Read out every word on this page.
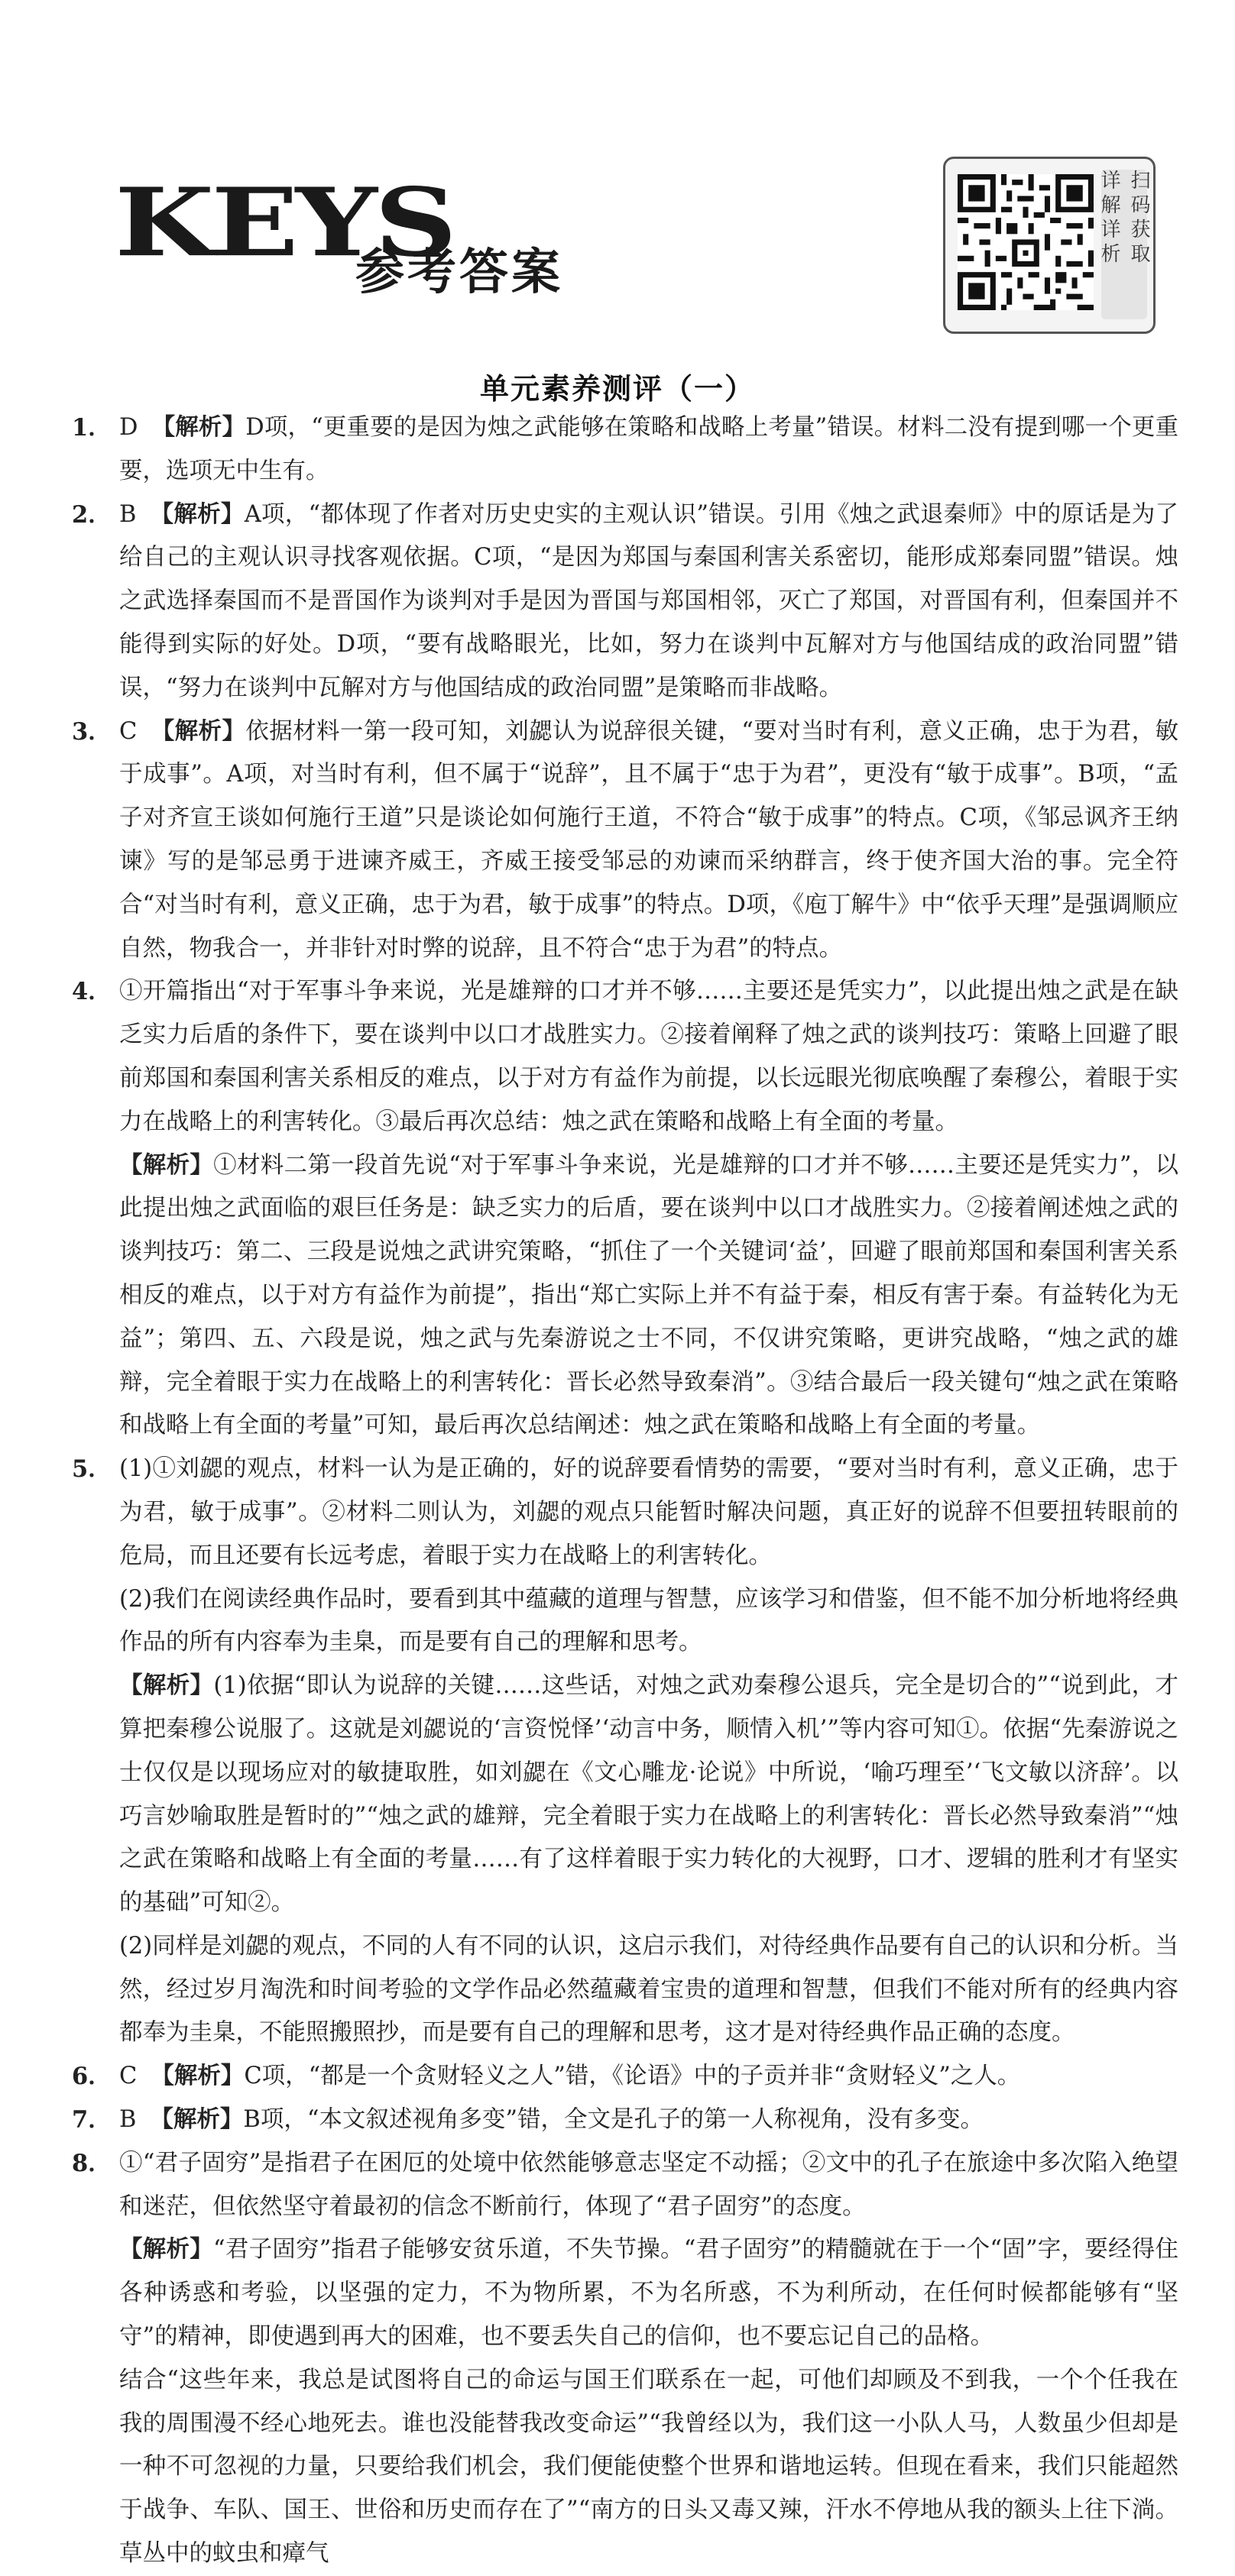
KEYS
参考答案
详解详析 扫码获取
单元素养测评（一）
1． D 【解析】D项，“更重要的是因为烛之武能够在策略和战略上考量”错误。材料二没有提到哪一个更重要，选项无中生有。
2． B 【解析】A项，“都体现了作者对历史史实的主观认识”错误。引用《烛之武退秦师》中的原话是为了给自己的主观认识寻找客观依据。C项，“是因为郑国与秦国利害关系密切，能形成郑秦同盟”错误。烛之武选择秦国而不是晋国作为谈判对手是因为晋国与郑国相邻，灭亡了郑国，对晋国有利，但秦国并不能得到实际的好处。D项，“要有战略眼光，比如，努力在谈判中瓦解对方与他国结成的政治同盟”错误，“努力在谈判中瓦解对方与他国结成的政治同盟”是策略而非战略。
3． C 【解析】依据材料一第一段可知，刘勰认为说辞很关键，“要对当时有利，意义正确，忠于为君，敏于成事”。A项，对当时有利，但不属于“说辞”，且不属于“忠于为君”，更没有“敏于成事”。B项，“孟子对齐宣王谈如何施行王道”只是谈论如何施行王道，不符合“敏于成事”的特点。C项，《邹忌讽齐王纳谏》写的是邹忌勇于进谏齐威王，齐威王接受邹忌的劝谏而采纳群言，终于使齐国大治的事。完全符合“对当时有利，意义正确，忠于为君，敏于成事”的特点。D项，《庖丁解牛》中“依乎天理”是强调顺应自然，物我合一，并非针对时弊的说辞，且不符合“忠于为君”的特点。
4． ①开篇指出“对于军事斗争来说，光是雄辩的口才并不够……主要还是凭实力”，以此提出烛之武是在缺乏实力后盾的条件下，要在谈判中以口才战胜实力。②接着阐释了烛之武的谈判技巧：策略上回避了眼前郑国和秦国利害关系相反的难点，以于对方有益作为前提，以长远眼光彻底唤醒了秦穆公，着眼于实力在战略上的利害转化。③最后再次总结：烛之武在策略和战略上有全面的考量。
【解析】①材料二第一段首先说“对于军事斗争来说，光是雄辩的口才并不够……主要还是凭实力”，以此提出烛之武面临的艰巨任务是：缺乏实力的后盾，要在谈判中以口才战胜实力。②接着阐述烛之武的谈判技巧：第二、三段是说烛之武讲究策略，“抓住了一个关键词‘益’，回避了眼前郑国和秦国利害关系相反的难点，以于对方有益作为前提”，指出“郑亡实际上并不有益于秦，相反有害于秦。有益转化为无益”；第四、五、六段是说，烛之武与先秦游说之士不同，不仅讲究策略，更讲究战略，“烛之武的雄辩，完全着眼于实力在战略上的利害转化：晋长必然导致秦消”。③结合最后一段关键句“烛之武在策略和战略上有全面的考量”可知，最后再次总结阐述：烛之武在策略和战略上有全面的考量。
5． (1)①刘勰的观点，材料一认为是正确的，好的说辞要看情势的需要，“要对当时有利，意义正确，忠于为君，敏于成事”。②材料二则认为，刘勰的观点只能暂时解决问题，真正好的说辞不但要扭转眼前的危局，而且还要有长远考虑，着眼于实力在战略上的利害转化。
(2)我们在阅读经典作品时，要看到其中蕴藏的道理与智慧，应该学习和借鉴，但不能不加分析地将经典作品的所有内容奉为圭臬，而是要有自己的理解和思考。
【解析】(1)依据“即认为说辞的关键……这些话，对烛之武劝秦穆公退兵，完全是切合的”“说到此，才算把秦穆公说服了。这就是刘勰说的‘言资悦怿’‘动言中务，顺情入机’”等内容可知①。依据“先秦游说之士仅仅是以现场应对的敏捷取胜，如刘勰在《文心雕龙·论说》中所说，‘喻巧理至’‘飞文敏以济辞’。以巧言妙喻取胜是暂时的”“烛之武的雄辩，完全着眼于实力在战略上的利害转化：晋长必然导致秦消”“烛之武在策略和战略上有全面的考量……有了这样着眼于实力转化的大视野，口才、逻辑的胜利才有坚实的基础”可知②。
(2)同样是刘勰的观点，不同的人有不同的认识，这启示我们，对待经典作品要有自己的认识和分析。当然，经过岁月淘洗和时间考验的文学作品必然蕴藏着宝贵的道理和智慧，但我们不能对所有的经典内容都奉为圭臬，不能照搬照抄，而是要有自己的理解和思考，这才是对待经典作品正确的态度。
6． C 【解析】C项，“都是一个贪财轻义之人”错，《论语》中的子贡并非“贪财轻义”之人。
7． B 【解析】B项，“本文叙述视角多变”错，全文是孔子的第一人称视角，没有多变。
8． ①“君子固穷”是指君子在困厄的处境中依然能够意志坚定不动摇；②文中的孔子在旅途中多次陷入绝望和迷茫，但依然坚守着最初的信念不断前行，体现了“君子固穷”的态度。
【解析】“君子固穷”指君子能够安贫乐道，不失节操。“君子固穷”的精髓就在于一个“固”字，要经得住各种诱惑和考验，以坚强的定力，不为物所累，不为名所惑，不为利所动，在任何时候都能够有“坚守”的精神，即使遇到再大的困难，也不要丢失自己的信仰，也不要忘记自己的品格。
结合“这些年来，我总是试图将自己的命运与国王们联系在一起，可他们却顾及不到我，一个个任我在我的周围漫不经心地死去。谁也没能替我改变命运”“我曾经以为，我们这一小队人马，人数虽少但却是一种不可忽视的力量，只要给我们机会，我们便能使整个世界和谐地运转。但现在看来，我们只能超然于战争、车队、国王、世俗和历史而存在了”“南方的日头又毒又辣，汗水不停地从我的额头上往下淌。草丛中的蚊虫和瘴气
